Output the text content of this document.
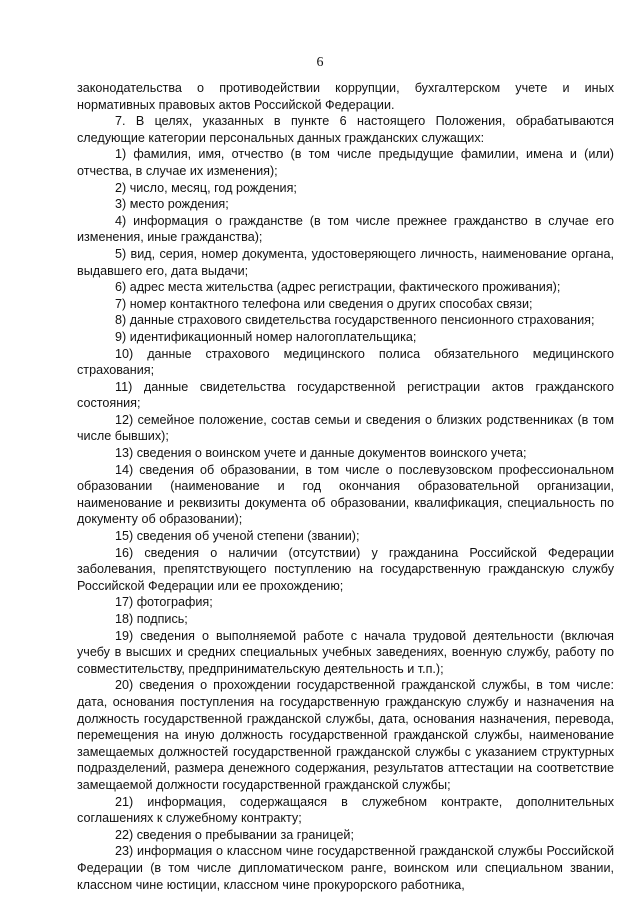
6

законодательства о противодействии коррупции, бухгалтерском учете и иных нормативных правовых актов Российской Федерации.

7. В целях, указанных в пункте 6 настоящего Положения, обрабатываются следующие категории персональных данных гражданских служащих:

1) фамилия, имя, отчество (в том числе предыдущие фамилии, имена и (или) отчества, в случае их изменения);

2) число, месяц, год рождения;

3) место рождения;

4) информация о гражданстве (в том числе прежнее гражданство в случае его изменения, иные гражданства);

5) вид, серия, номер документа, удостоверяющего личность, наименование органа, выдавшего его, дата выдачи;

6) адрес места жительства (адрес регистрации, фактического проживания);

7) номер контактного телефона или сведения о других способах связи;

8) данные страхового свидетельства государственного пенсионного страхования;

9) идентификационный номер налогоплательщика;

10) данные страхового медицинского полиса обязательного медицинского страхования;

11) данные свидетельства государственной регистрации актов гражданского состояния;

12) семейное положение, состав семьи и сведения о близких родственниках (в том числе бывших);

13) сведения о воинском учете и данные документов воинского учета;

14) сведения об образовании, в том числе о послевузовском профессиональном образовании (наименование и год окончания образовательной организации, наименование и реквизиты документа об образовании, квалификация, специальность по документу об образовании);

15) сведения об ученой степени (звании);

16) сведения о наличии (отсутствии) у гражданина Российской Федерации заболевания, препятствующего поступлению на государственную гражданскую службу Российской Федерации или ее прохождению;

17) фотография;

18) подпись;

19) сведения о выполняемой работе с начала трудовой деятельности (включая учебу в высших и средних специальных учебных заведениях, военную службу, работу по совместительству, предпринимательскую деятельность и т.п.);

20) сведения о прохождении государственной гражданской службы, в том числе: дата, основания поступления на государственную гражданскую службу и назначения на должность государственной гражданской службы, дата, основания назначения, перевода, перемещения на иную должность государственной гражданской службы, наименование замещаемых должностей государственной гражданской службы с указанием структурных подразделений, размера денежного содержания, результатов аттестации на соответствие замещаемой должности государственной гражданской службы;

21) информация, содержащаяся в служебном контракте, дополнительных соглашениях к служебному контракту;

22) сведения о пребывании за границей;

23) информация о классном чине государственной гражданской службы Российской Федерации (в том числе дипломатическом ранге, воинском или специальном звании, классном чине юстиции, классном чине прокурорского работника,
